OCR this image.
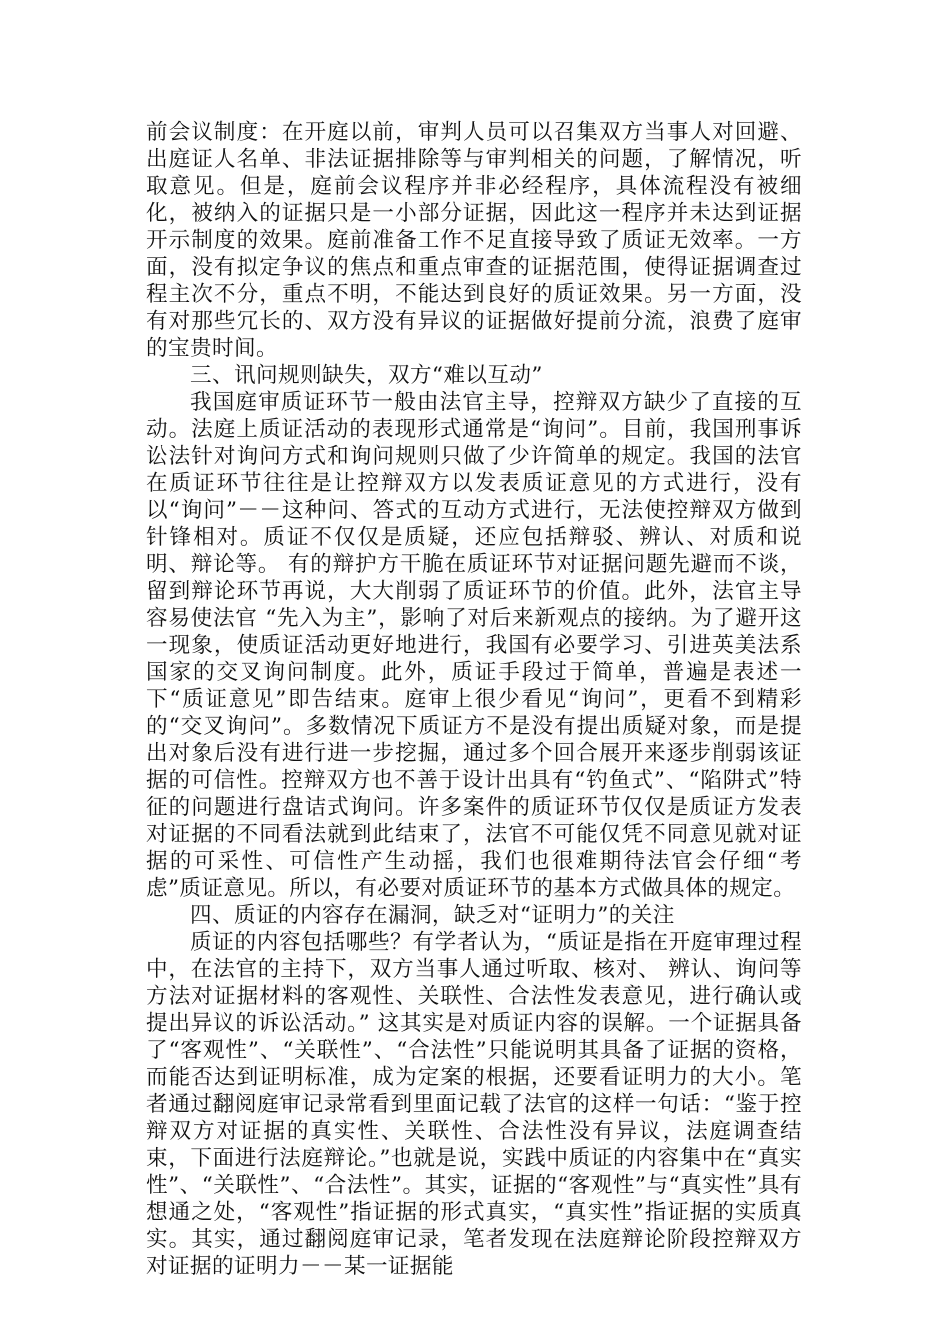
前会议制度：在开庭以前，审判人员可以召集双方当事人对回避、出庭证人名单、非法证据排除等与审判相关的问题，了解情况，听取意见。但是，庭前会议程序并非必经程序，具体流程没有被细化，被纳入的证据只是一小部分证据，因此这一程序并未达到证据开示制度的效果。庭前准备工作不足直接导致了质证无效率。一方面，没有拟定争议的焦点和重点审查的证据范围，使得证据调查过程主次不分，重点不明，不能达到良好的质证效果。另一方面，没有对那些冗长的、双方没有异议的证据做好提前分流，浪费了庭审的宝贵时间。

三、讯问规则缺失，双方“难以互动”

我国庭审质证环节一般由法官主导，控辩双方缺少了直接的互动。法庭上质证活动的表现形式通常是“询问”。目前，我国刑事诉讼法针对询问方式和询问规则只做了少许简单的规定。我国的法官在质证环节往往是让控辩双方以发表质证意见的方式进行，没有以“询问”－－这种问、答式的互动方式进行，无法使控辩双方做到针锋相对。质证不仅仅是质疑，还应包括辩驳、辨认、对质和说明、辩论等。 有的辩护方干脆在质证环节对证据问题先避而不谈，留到辩论环节再说，大大削弱了质证环节的价值。此外，法官主导容易使法官 “先入为主”，影响了对后来新观点的接纳。为了避开这一现象，使质证活动更好地进行，我国有必要学习、引进英美法系国家的交叉询问制度。此外，质证手段过于简单，普遍是表述一下“质证意见”即告结束。庭审上很少看见“询问”，更看不到精彩的“交叉询问”。多数情况下质证方不是没有提出质疑对象，而是提出对象后没有进行进一步挖掘，通过多个回合展开来逐步削弱该证据的可信性。控辩双方也不善于设计出具有“钓鱼式”、“陷阱式”特征的问题进行盘诘式询问。许多案件的质证环节仅仅是质证方发表对证据的不同看法就到此结束了，法官不可能仅凭不同意见就对证据的可采性、可信性产生动摇，我们也很难期待法官会仔细“考虑”质证意见。所以，有必要对质证环节的基本方式做具体的规定。

四、质证的内容存在漏洞，缺乏对“证明力”的关注

质证的内容包括哪些？有学者认为，“质证是指在开庭审理过程中，在法官的主持下，双方当事人通过听取、核对、 辨认、询问等方法对证据材料的客观性、关联性、合法性发表意见，进行确认或提出异议的诉讼活动。” 这其实是对质证内容的误解。一个证据具备了“客观性”、“关联性”、“合法性”只能说明其具备了证据的资格，而能否达到证明标准，成为定案的根据，还要看证明力的大小。笔者通过翻阅庭审记录常看到里面记载了法官的这样一句话：“鉴于控辩双方对证据的真实性、关联性、合法性没有异议，法庭调查结束，下面进行法庭辩论。”也就是说，实践中质证的内容集中在“真实性”、“关联性”、“合法性”。其实，证据的“客观性”与“真实性”具有想通之处，“客观性”指证据的形式真实，“真实性”指证据的实质真实。其实，通过翻阅庭审记录，笔者发现在法庭辩论阶段控辩双方对证据的证明力－－某一证据能
